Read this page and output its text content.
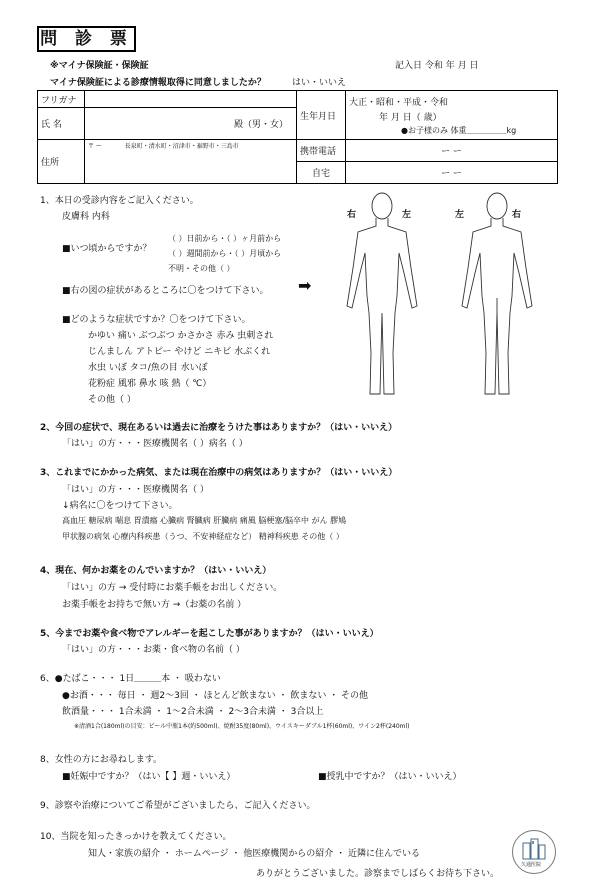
問 診 票
※マイナ保険証・保険証	記入日 令和 年 月 日
マイナ保険証による診療情報取得に同意しましたか？	はい・いいえ
フリガナ		生年月日	大正・昭和・平成・令和
年 月 日（ 歳）
●お子様のみ 体重＿＿＿＿＿kg

氏 名	殿（男・女）		
住所	〒 ー 長泉町・清水町・沼津市・裾野市・三島市	携帯電話	ー ー
		自宅	ー ー
1、本日の受診内容をご記入ください。
皮膚科 内科
■いつ頃からですか？
（ ）日前から・（ ）ヶ月前から
（ ）週間前から・（ ）月頃から
不明・その他（ ）
■右の図の症状があるところに〇をつけて下さい。 ➡
■どのような症状ですか？〇をつけて下さい。
かゆい 痛い ぶつぶつ かさかさ 赤み 虫刺され
じんましん アトピー やけど ニキビ 水ぶくれ
水虫 いぼ タコ/魚の目 水いぼ
花粉症 風邪 鼻水 咳 熱（ ℃）
その他（ ）
右	左	左	右
2、今回の症状で、現在あるいは過去に治療をうけた事はありますか？（はい・いいえ）
「はい」の方・・・医療機関名（ ）病名（ ）
3、これまでにかかった病気、または現在治療中の病気はありますか？（はい・いいえ）
「はい」の方・・・医療機関名（ ）
↓病名に〇をつけて下さい。
高血圧 糖尿病 喘息 胃潰瘍 心臓病 腎臓病 肝臓病 痛風 脳梗塞/脳卒中 がん 膠鳩
甲状腺の病気 心療内科疾患（うつ、不安神経症など） 精神科疾患 その他（ ）
4、現在、何かお薬をのんでいますか？（はい・いいえ）
「はい」の方 → 受付時にお薬手帳をお出しください。
お薬手帳をお持ちで無い方 →（お薬の名前 ）
5、今までお薬や食べ物でアレルギーを起こした事がありますか？（はい・いいえ）
「はい」の方・・・お薬・食べ物の名前（ ）
6、●たばこ・・・ 1日＿＿＿本 ・ 吸わない
●お酒・・・ 毎日 ・ 週2〜3回 ・ ほとんど飲まない ・ 飲まない ・ その他
飲酒量・・・ 1合未満 ・ 1〜2合未満 ・ 2〜3合未満 ・ 3合以上
※清酒1合(180ml)の目安：ビール中瓶1本(約500ml)、焼酎35度(80ml)、ウイスキーダブル1杯(60ml)、ワイン2杯(240ml)
8、女性の方にお尋ねします。
■妊娠中ですか？（はい【 】週・いいえ）	■授乳中ですか？（はい・いいえ）
9、診察や治療についてご希望がございましたら、ご記入ください。
10、当院を知ったきっかけを教えてください。
知人・家族の紹介 ・ ホームページ ・ 他医療機関からの紹介 ・ 近隣に住んでいる
ありがとうございました。診察までしばらくお待ち下さい。
久通医院
